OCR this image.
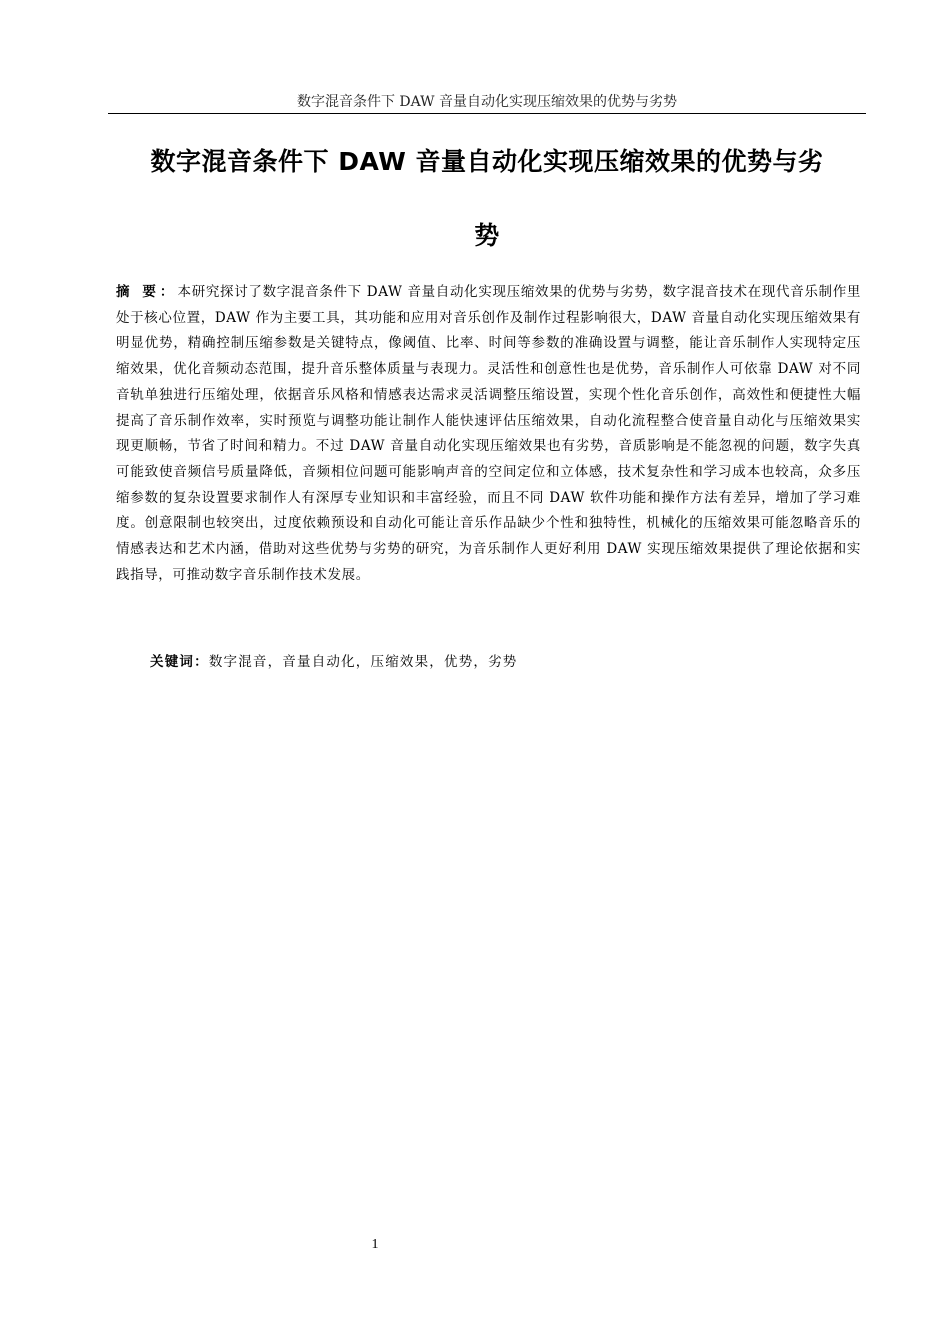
数字混音条件下 DAW 音量自动化实现压缩效果的优势与劣势
数字混音条件下 DAW 音量自动化实现压缩效果的优势与劣
势

摘 要：本研究探讨了数字混音条件下 DAW 音量自动化实现压缩效果的优势与劣势，数字混音技术在现代音乐制作里处于核心位置，DAW 作为主要工具，其功能和应用对音乐创作及制作过程影响很大，DAW 音量自动化实现压缩效果有明显优势，精确控制压缩参数是关键特点，像阈值、比率、时间等参数的准确设置与调整，能让音乐制作人实现特定压缩效果，优化音频动态范围，提升音乐整体质量与表现力。灵活性和创意性也是优势，音乐制作人可依靠 DAW 对不同音轨单独进行压缩处理，依据音乐风格和情感表达需求灵活调整压缩设置，实现个性化音乐创作，高效性和便捷性大幅提高了音乐制作效率，实时预览与调整功能让制作人能快速评估压缩效果，自动化流程整合使音量自动化与压缩效果实现更顺畅，节省了时间和精力。不过 DAW 音量自动化实现压缩效果也有劣势，音质影响是不能忽视的问题，数字失真可能致使音频信号质量降低，音频相位问题可能影响声音的空间定位和立体感，技术复杂性和学习成本也较高，众多压缩参数的复杂设置要求制作人有深厚专业知识和丰富经验，而且不同 DAW 软件功能和操作方法有差异，增加了学习难度。创意限制也较突出，过度依赖预设和自动化可能让音乐作品缺少个性和独特性，机械化的压缩效果可能忽略音乐的情感表达和艺术内涵，借助对这些优势与劣势的研究，为音乐制作人更好利用 DAW 实现压缩效果提供了理论依据和实践指导，可推动数字音乐制作技术发展。

关键词：数字混音，音量自动化，压缩效果，优势，劣势

1
